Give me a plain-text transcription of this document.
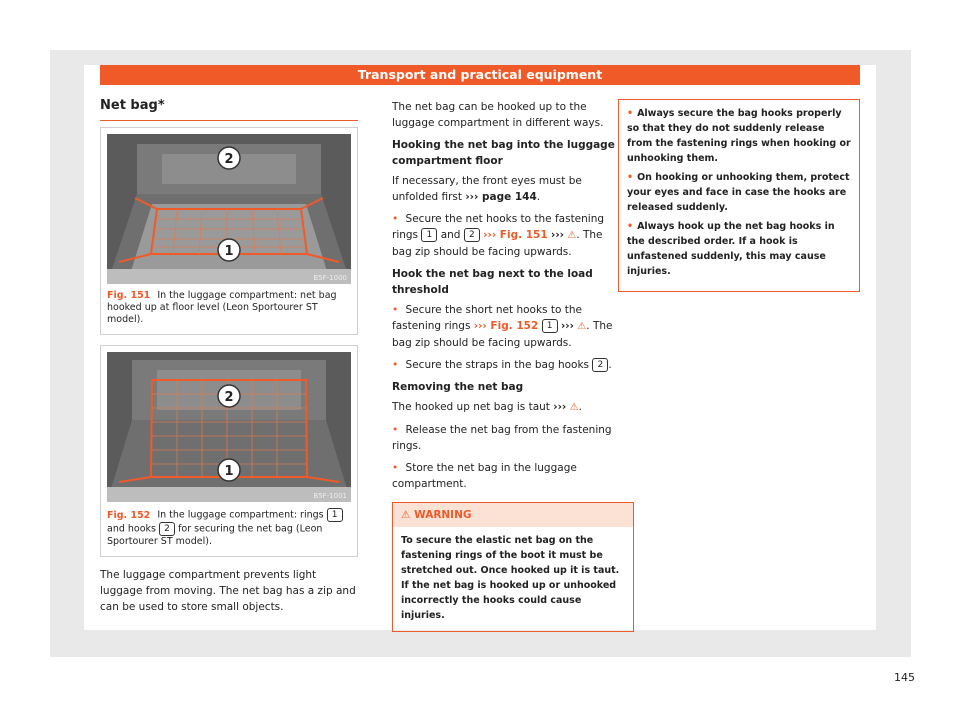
Transport and practical equipment
Net bag*
2
1
B5F-1000
Fig. 151 In the luggage compartment: net bag hooked up at floor level (Leon Sportourer ST model).
2
1
B5F-1001
Fig. 152 In the luggage compartment: rings 1 and hooks 2 for securing the net bag (Leon Sportourer ST model).

The luggage compartment prevents light luggage from moving. The net bag has a zip and can be used to store small objects.

The net bag can be hooked up to the luggage compartment in different ways.

Hooking the net bag into the luggage compartment floor

If necessary, the front eyes must be unfolded first ››› page 144.

• Secure the net hooks to the fastening rings 1 and 2 ››› Fig. 151 ››› ⚠. The bag zip should be facing upwards.

Hook the net bag next to the load threshold

• Secure the short net hooks to the fastening rings ››› Fig. 152 1 ››› ⚠. The bag zip should be facing upwards.

• Secure the straps in the bag hooks 2 .

Removing the net bag

The hooked up net bag is taut ››› ⚠.

• Release the net bag from the fastening rings.

• Store the net bag in the luggage compartment.

⚠ WARNING
To secure the elastic net bag on the fastening rings of the boot it must be stretched out. Once hooked up it is taut. If the net bag is hooked up or unhooked incorrectly the hooks could cause injuries.

• Always secure the bag hooks properly so that they do not suddenly release from the fastening rings when hooking or unhooking them.

• On hooking or unhooking them, protect your eyes and face in case the hooks are released suddenly.

• Always hook up the net bag hooks in the described order. If a hook is unfastened suddenly, this may cause injuries.

145
